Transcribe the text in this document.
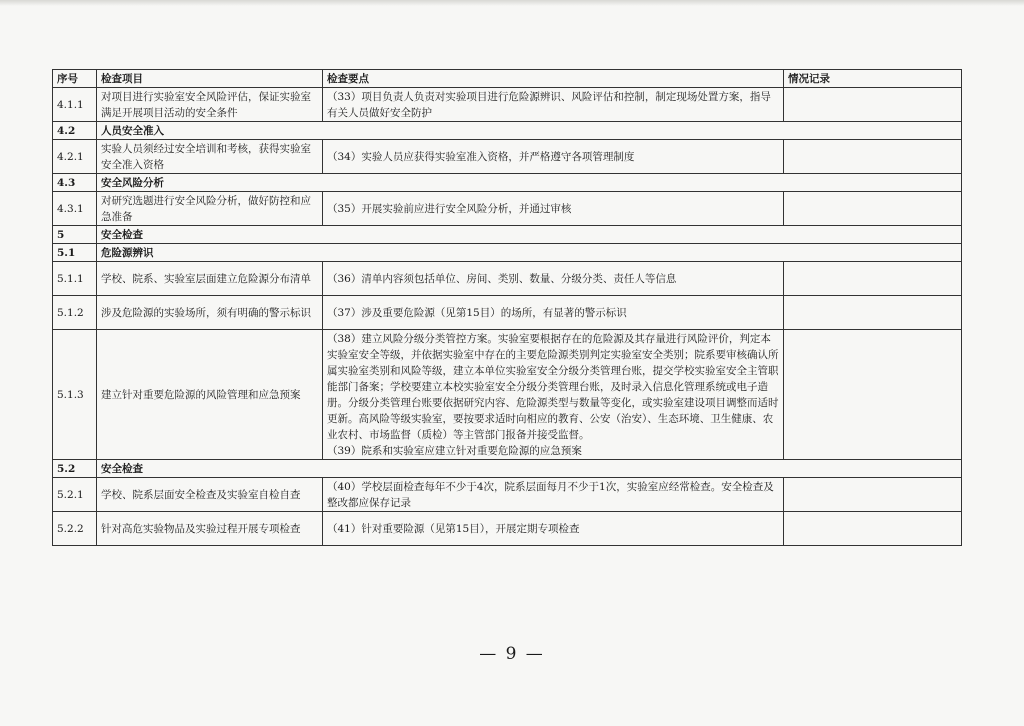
序号	检查项目	检查要点	情况记录
4.1.1	对项目进行实验室安全风险评估，保证实验室满足开展项目活动的安全条件	（33）项目负责人负责对实验项目进行危险源辨识、风险评估和控制，制定现场处置方案，指导有关人员做好安全防护	
4.2	人员安全准入		
4.2.1	实验人员须经过安全培训和考核，获得实验室安全准入资格	（34）实验人员应获得实验室准入资格，并严格遵守各项管理制度	
4.3	安全风险分析		
4.3.1	对研究选题进行安全风险分析，做好防控和应急准备	（35）开展实验前应进行安全风险分析，并通过审核	
5	安全检查		
5.1	危险源辨识		
5.1.1	学校、院系、实验室层面建立危险源分布清单	（36）清单内容须包括单位、房间、类别、数量、分级分类、责任人等信息	
5.1.2	涉及危险源的实验场所，须有明确的警示标识	（37）涉及重要危险源（见第15目）的场所，有显著的警示标识	
5.1.3	建立针对重要危险源的风险管理和应急预案	（38）建立风险分级分类管控方案。实验室要根据存在的危险源及其存量进行风险评价，判定本实验室安全等级，并依据实验室中存在的主要危险源类别判定实验室安全类别；院系要审核确认所属实验室类别和风险等级，建立本单位实验室安全分级分类管理台账，提交学校实验室安全主管职能部门备案；学校要建立本校实验室安全分级分类管理台账，及时录入信息化管理系统或电子造册。分级分类管理台账要依据研究内容、危险源类型与数量等变化，或实验室建设项目调整而适时更新。高风险等级实验室，要按要求适时向相应的教育、公安（治安）、生态环境、卫生健康、农业农村、市场监督（质检）等主管部门报备并接受监督。
（39）院系和实验室应建立针对重要危险源的应急预案	

5.2	安全检查		
5.2.1	学校、院系层面安全检查及实验室自检自查	（40）学校层面检查每年不少于4次，院系层面每月不少于1次，实验室应经常检查。安全检查及整改都应保存记录	
5.2.2	针对高危实验物品及实验过程开展专项检查	（41）针对重要险源（见第15目），开展定期专项检查	
— 9 —
